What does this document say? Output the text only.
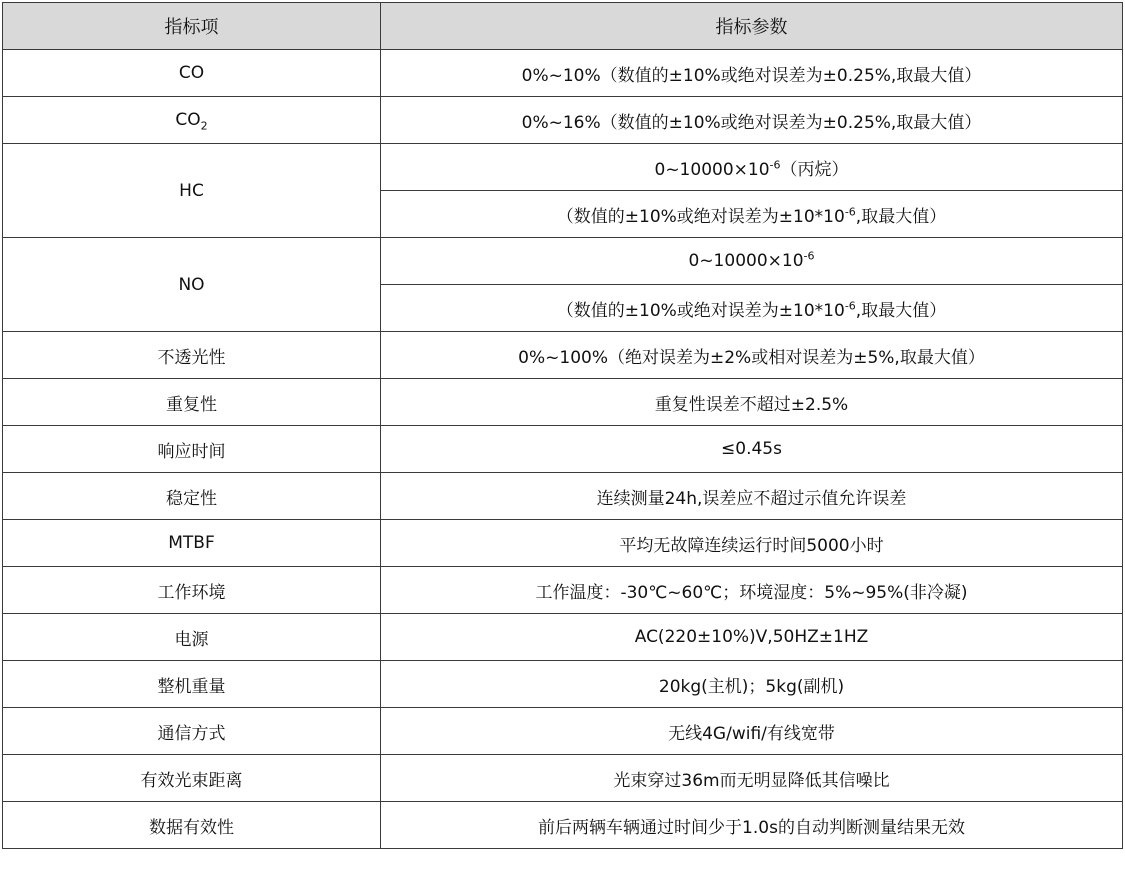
指标项	指标参数
CO	0%~10%（数值的±10%或绝对误差为±0.25%,取最大值）
$CO_2$	0%~16%（数值的±10%或绝对误差为±0.25%,取最大值）
HC	$0\sim 10000\times 10^{-6}$（丙烷）
	（数值的±10%或绝对误差为$\pm 10*10^{-6}$,取最大值）
NO	$0\sim 10000\times 10^{-6}$
	（数值的±10%或绝对误差为$\pm 10*10^{-6}$,取最大值）
不透光性	0%~100%（绝对误差为±2%或相对误差为±5%,取最大值）
重复性	重复性误差不超过±2.5%
响应时间	≤0.45s
稳定性	连续测量24h,误差应不超过示值允许误差
MTBF	平均无故障连续运行时间5000小时
工作环境	工作温度：-30℃~60℃；环境湿度：5%~95%(非冷凝)
电源	AC(220±10%)V,50HZ±1HZ
整机重量	20kg(主机)；5kg(副机)
通信方式	无线4G/wifi/有线宽带
有效光束距离	光束穿过36m而无明显降低其信噪比
数据有效性	前后两辆车辆通过时间少于1.0s的自动判断测量结果无效
